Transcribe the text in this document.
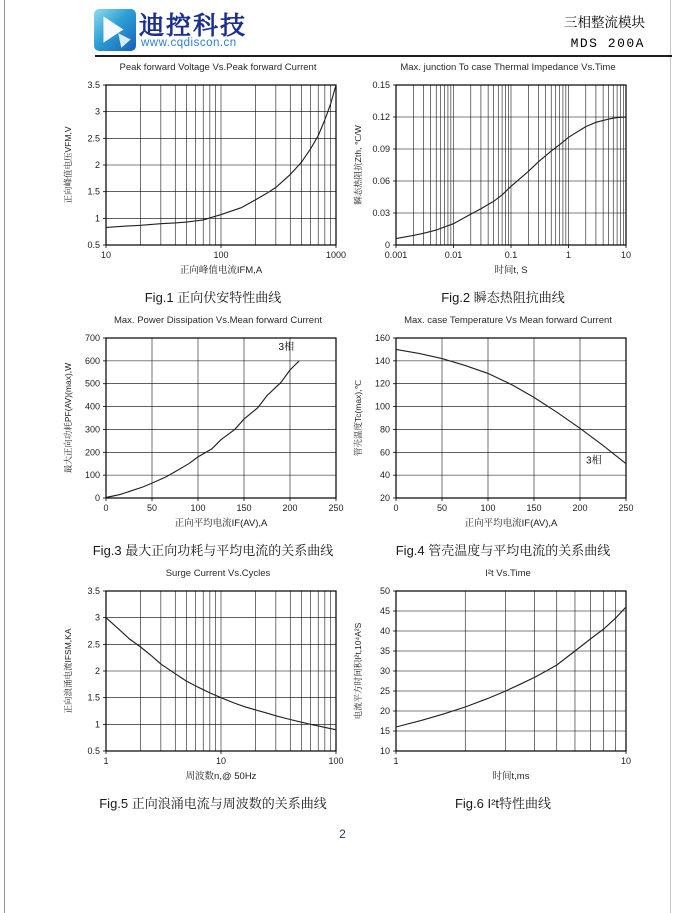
迪控科技
www.cqdiscon.cn
三相整流模块
MDS 200A
Peak forward Voltage Vs.Peak forward Current
10	100	1000
0.5
1
1.5
2
2.5
3
3.5
正向峰值电流IFM,A
正向峰值电压VFM,V
Fig.1 正向伏安特性曲线
Max. junction To case Thermal Impedance Vs.Time
0.001	0.01	0.1	1	10
0
0.03
0.06
0.09
0.12
0.15
时间t, S
瞬态热阻抗Zth, ℃/W
Fig.2 瞬态热阻抗曲线
Max. Power Dissipation Vs.Mean forward Current
0	50	100	150	200	250
0
100
200
300
400
500
600
700
3相
正向平均电流IF(AV),A
最大正向功耗PF(AV)(max),W
Fig.3 最大正向功耗与平均电流的关系曲线
Max. case Temperature Vs Mean forward Current
0	50	100	150	200	250
20
40
60
80
100
120
140
160
3相
正向平均电流IF(AV),A
管壳温度Tc(max),℃
Fig.4 管壳温度与平均电流的关系曲线
Surge Current Vs.Cycles
1	10	100
0.5
1
1.5
2
2.5
3
3.5
周波数n,@ 50Hz
正向浪涌电流IFSM,KA
Fig.5 正向浪涌电流与周波数的关系曲线
I²t Vs.Time
1	10
10
15
20
25
30
35
40
45
50
时间t,ms
电流平方时间积I²t,10⁴A²S
Fig.6 I²t特性曲线
2
